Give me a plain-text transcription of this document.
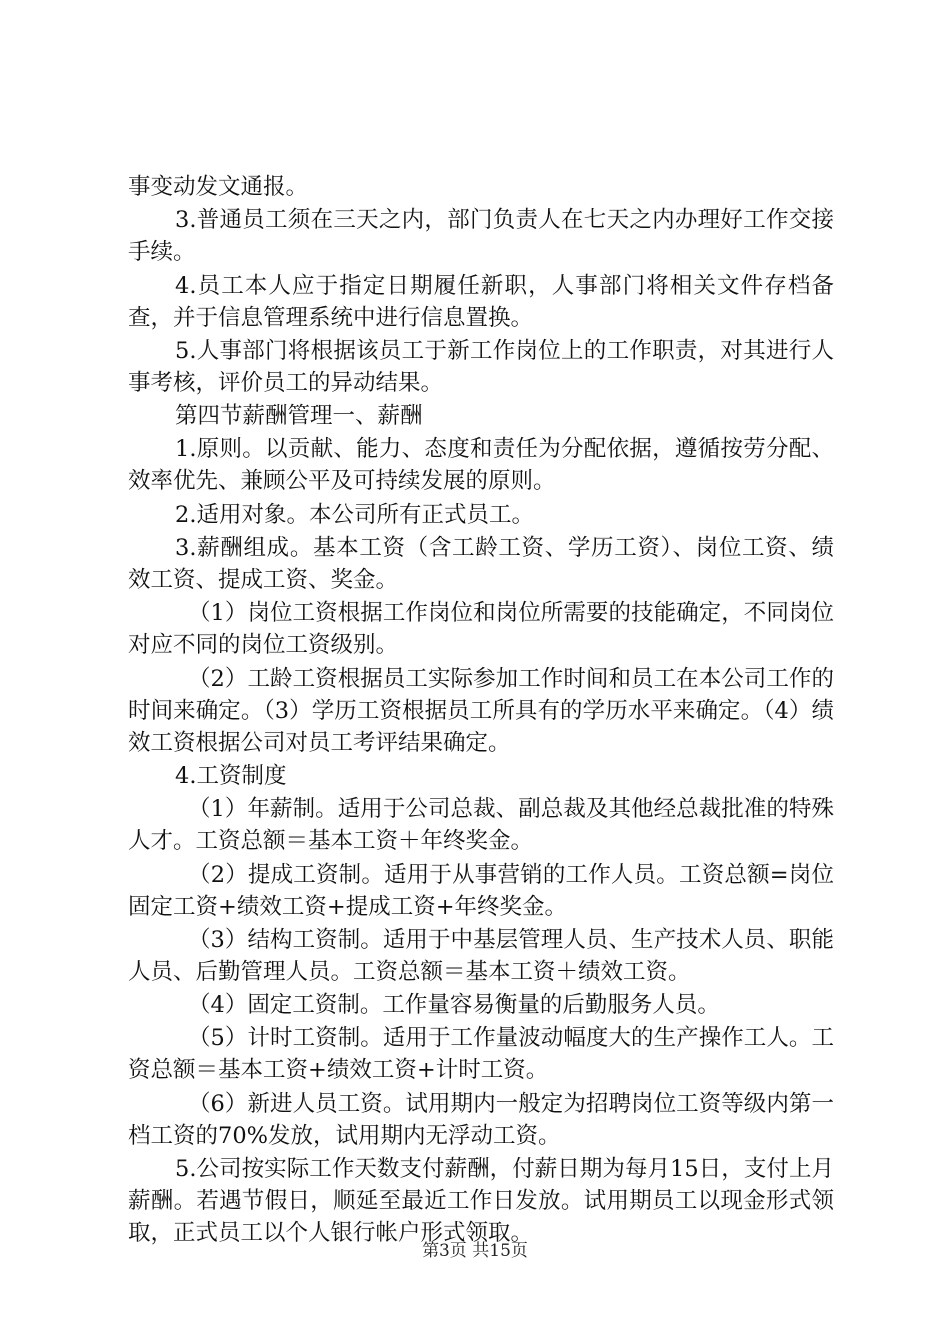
事变动发文通报。

3.普通员工须在三天之内，部门负责人在七天之内办理好工作交接手续。

4.员工本人应于指定日期履任新职，人事部门将相关文件存档备查，并于信息管理系统中进行信息置换。

5.人事部门将根据该员工于新工作岗位上的工作职责，对其进行人事考核，评价员工的异动结果。

第四节薪酬管理一、薪酬

1.原则。以贡献、能力、态度和责任为分配依据，遵循按劳分配、效率优先、兼顾公平及可持续发展的原则。

2.适用对象。本公司所有正式员工。

3.薪酬组成。基本工资（含工龄工资、学历工资）、岗位工资、绩效工资、提成工资、奖金。

（1）岗位工资根据工作岗位和岗位所需要的技能确定，不同岗位对应不同的岗位工资级别。

（2）工龄工资根据员工实际参加工作时间和员工在本公司工作的时间来确定。（3）学历工资根据员工所具有的学历水平来确定。（4）绩效工资根据公司对员工考评结果确定。

4.工资制度

（1）年薪制。适用于公司总裁、副总裁及其他经总裁批准的特殊人才。工资总额＝基本工资＋年终奖金。

（2）提成工资制。适用于从事营销的工作人员。工资总额=岗位固定工资+绩效工资+提成工资+年终奖金。

（3）结构工资制。适用于中基层管理人员、生产技术人员、职能人员、后勤管理人员。工资总额＝基本工资＋绩效工资。

（4）固定工资制。工作量容易衡量的后勤服务人员。

（5）计时工资制。适用于工作量波动幅度大的生产操作工人。工资总额＝基本工资+绩效工资+计时工资。

（6）新进人员工资。试用期内一般定为招聘岗位工资等级内第一档工资的70%发放，试用期内无浮动工资。

5.公司按实际工作天数支付薪酬，付薪日期为每月15日，支付上月薪酬。若遇节假日，顺延至最近工作日发放。试用期员工以现金形式领取，正式员工以个人银行帐户形式领取。

第3页 共15页
